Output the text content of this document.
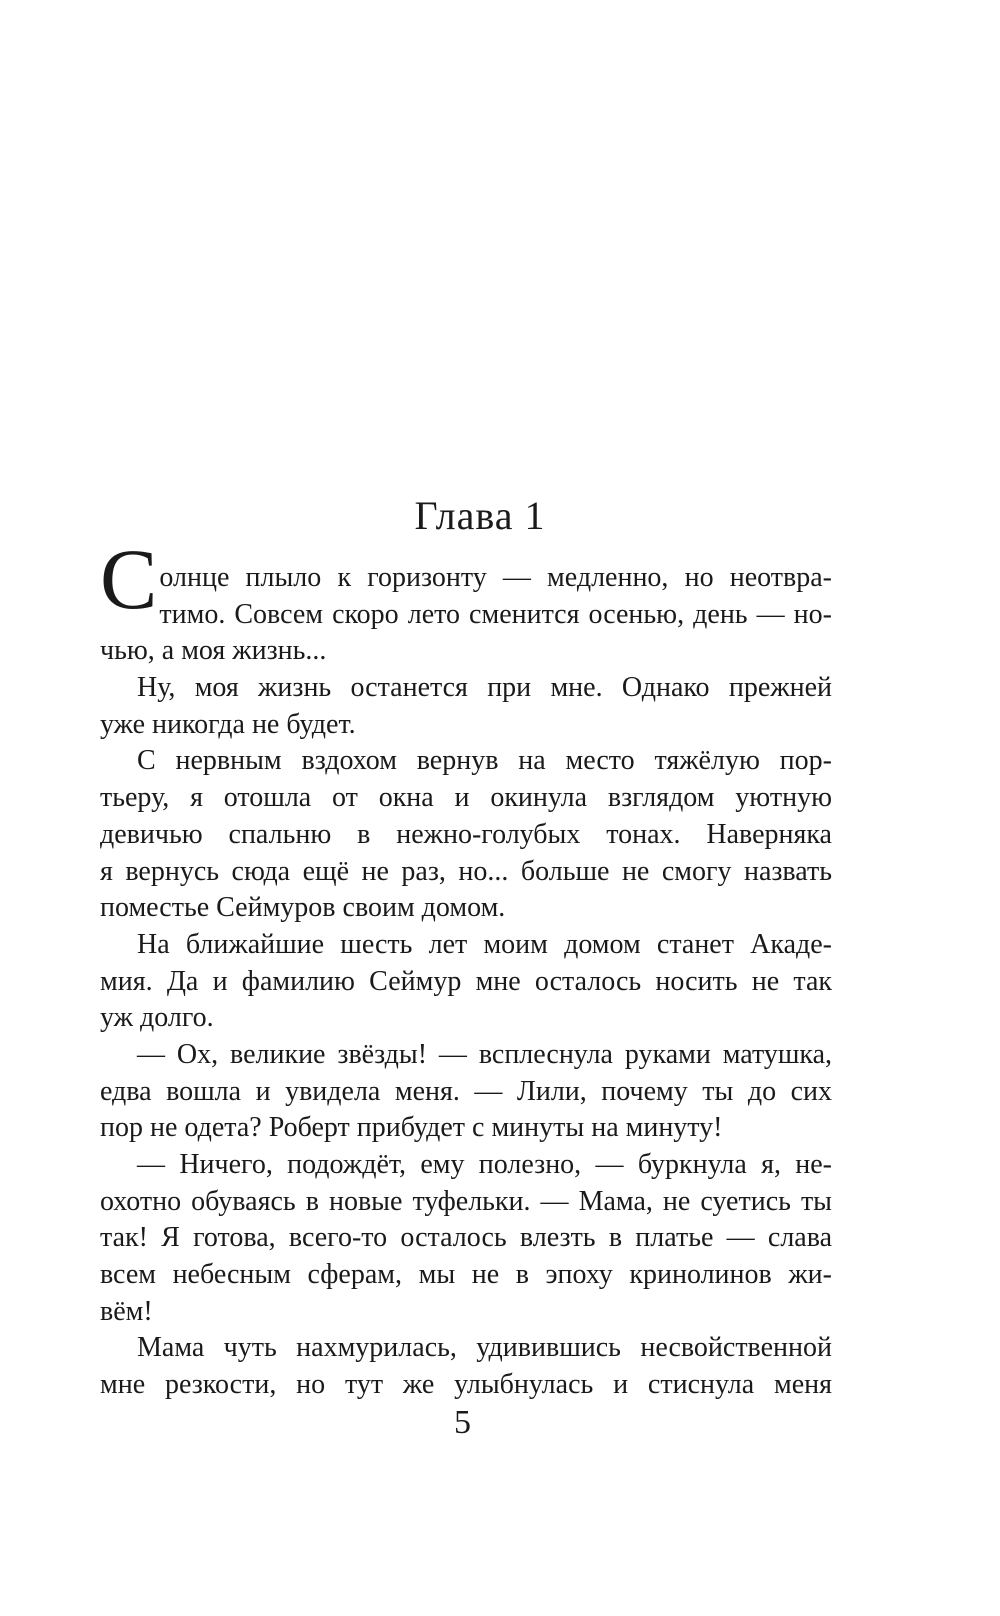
Глава 1
С олнце плыло к горизонту — медленно, но неотвра-
тимо. Совсем скоро лето сменится осенью, день — но-
чью, а моя жизнь...
Ну, моя жизнь останется при мне. Однако прежней
уже никогда не будет.
С нервным вздохом вернув на место тяжёлую пор-
тьеру, я отошла от окна и окинула взглядом уютную
девичью спальню в нежно-голубых тонах. Наверняка
я вернусь сюда ещё не раз, но... больше не смогу назвать
поместье Сеймуров своим домом.
На ближайшие шесть лет моим домом станет Акаде-
мия. Да и фамилию Сеймур мне осталось носить не так
уж долго.
— Ох, великие звёзды! — всплеснула руками матушка,
едва вошла и увидела меня. — Лили, почему ты до сих
пор не одета? Роберт прибудет с минуты на минуту!
— Ничего, подождёт, ему полезно, — буркнула я, не-
охотно обуваясь в новые туфельки. — Мама, не суетись ты
так! Я готова, всего-то осталось влезть в платье — слава
всем небесным сферам, мы не в эпоху кринолинов жи-
вём!
Мама чуть нахмурилась, удивившись несвойственной
мне резкости, но тут же улыбнулась и стиснула меня
5
